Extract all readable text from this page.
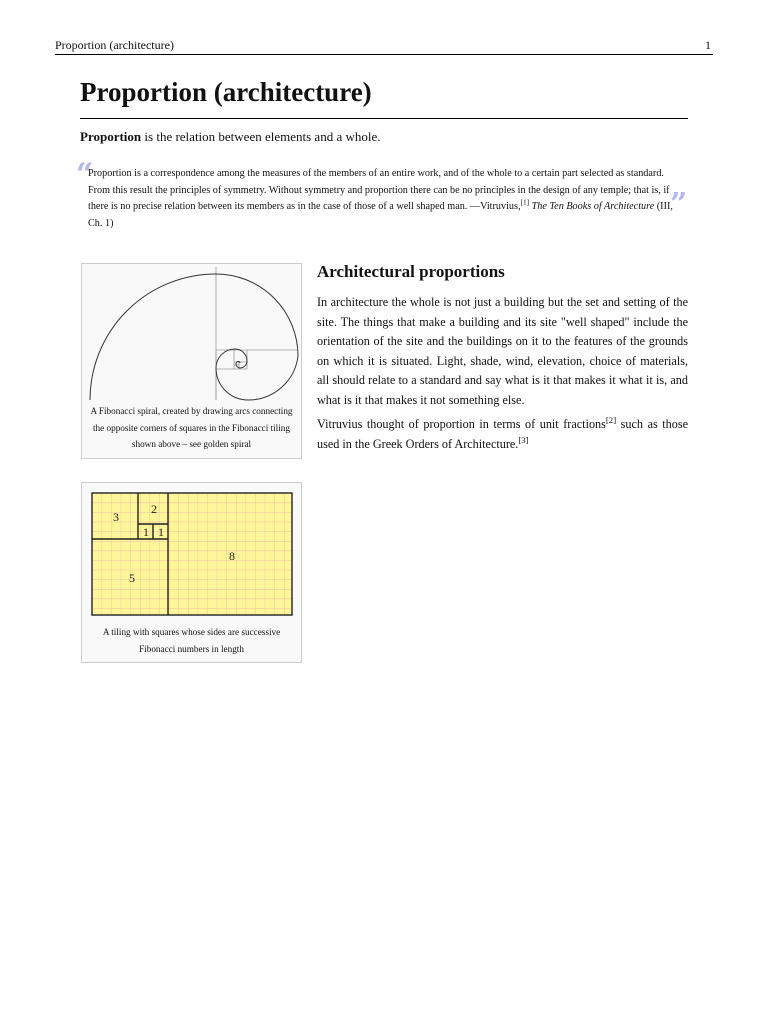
Proportion (architecture)	1
Proportion (architecture)

Proportion is the relation between elements and a whole.

“

Proportion is a correspondence among the measures of the members of an entire work, and of the whole to a certain part selected as standard. From this result the principles of symmetry. Without symmetry and proportion there can be no principles in the design of any temple; that is, if there is no precise relation between its members as in the case of those of a well shaped man. —Vitruvius,[1] The Ten Books of Architecture (III, Ch. 1)

”
A Fibonacci spiral, created by drawing arcs connecting the opposite corners of squares in the Fibonacci tiling shown above – see golden spiral
3
2
1 1
8
5
A tiling with squares whose sides are successive Fibonacci numbers in length
Architectural proportions

In architecture the whole is not just a building but the set and setting of the site. The things that make a building and its site "well shaped" include the orientation of the site and the buildings on it to the features of the grounds on which it is situated. Light, shade, wind, elevation, choice of materials, all should relate to a standard and say what is it that makes it what it is, and what is it that makes it not something else.

Vitruvius thought of proportion in terms of unit fractions[2] such as those used in the Greek Orders of Architecture.[3]
